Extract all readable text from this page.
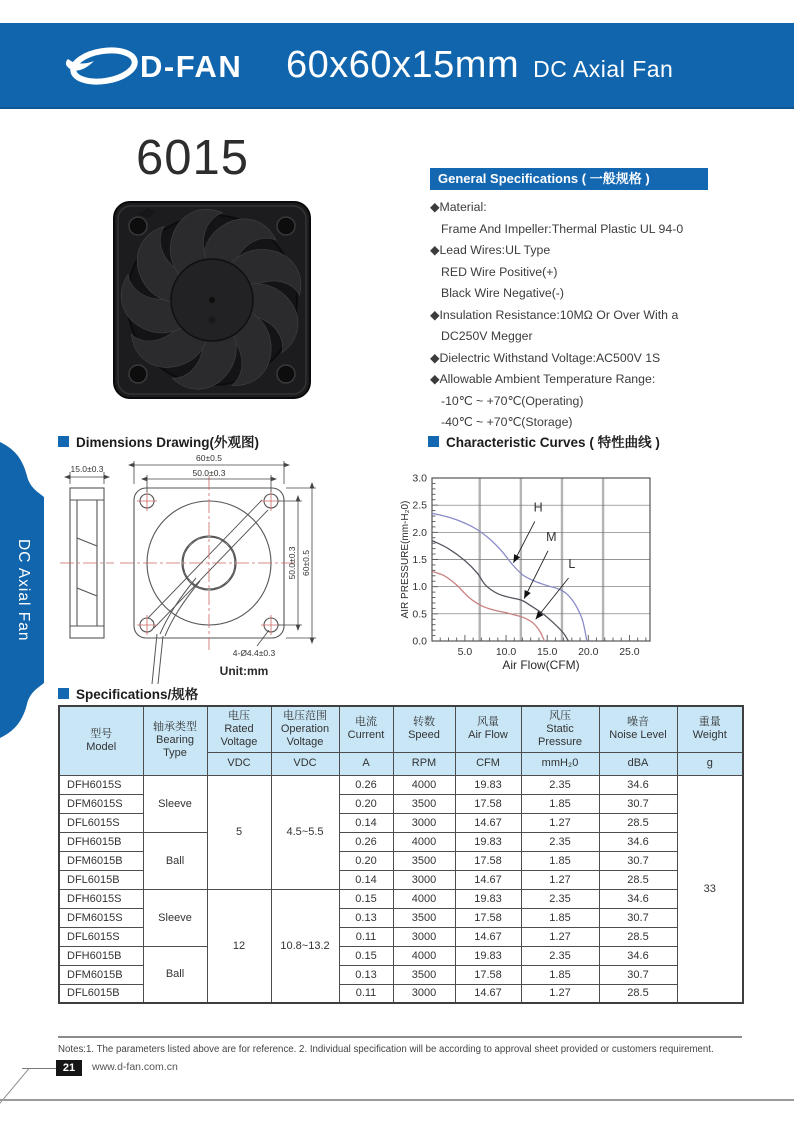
D-FAN 60x60x15mm DC Axial Fan
6015	General Specifications ( 一般规格 )
◆Material:
Frame And Impeller:Thermal Plastic UL 94-0
◆Lead Wires:UL Type
RED Wire Positive(+)
Black Wire Negative(-)
◆Insulation Resistance:10MΩ Or Over With a
DC250V Megger
◆Dielectric Withstand Voltage:AC500V 1S
◆Allowable Ambient Temperature Range:
-10℃ ~ +70℃(Operating)
-40℃ ~ +70℃(Storage)
DC Axial Fan
Dimensions Drawing(外观图)	Characteristic Curves ( 特性曲线 )
Specifications/规格
15.0±0.3
60±0.5
50.0±0.3
50.0±0.3 60±0.5
4-Ø4.4±0.3
Unit:mm
5.0 10.0 15.0 20.0 25.0
0.0
0.5
1.0
1.5
2.0
2.5
3.0
Air Flow(CFM)
AIR PRESSURE(mm-H₂0)	H
M
L
型号
Model	轴承类型
Bearing
Type	电压
Rated
Voltage	电压范围
Operation
Voltage	电流
Current	转数
Speed	风量
Air Flow	风压
Static
Pressure	噪音
Noise Level	重量
Weight
		VDC	VDC	A	RPM	CFM	mmH₂0	dBA	g
DFH6015S	Sleeve	5	4.5~5.5	0.26	4000	19.83	2.35	34.6	33
DFM6015S				0.20	3500	17.58	1.85	30.7	
DFL6015S				0.14	3000	14.67	1.27	28.5	
DFH6015B	Ball			0.26	4000	19.83	2.35	34.6	
DFM6015B				0.20	3500	17.58	1.85	30.7	
DFL6015B				0.14	3000	14.67	1.27	28.5	
DFH6015S	Sleeve	12	10.8~13.2	0.15	4000	19.83	2.35	34.6	
DFM6015S				0.13	3500	17.58	1.85	30.7	
DFL6015S				0.11	3000	14.67	1.27	28.5	
DFH6015B	Ball			0.15	4000	19.83	2.35	34.6	
DFM6015B				0.13	3500	17.58	1.85	30.7	
DFL6015B				0.11	3000	14.67	1.27	28.5	
Notes:1. The parameters listed above are for reference. 2. Individual specification will be according to approval sheet provided or customers requirement.
21	www.d-fan.com.cn
